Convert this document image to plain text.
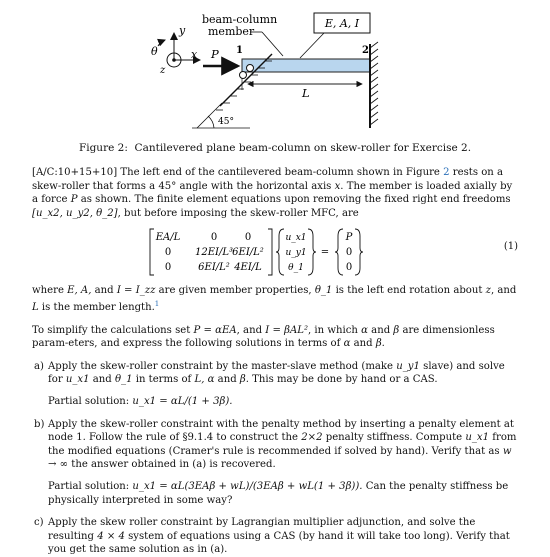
y
x
θ
z
beam-column
member
E, A, I
P 1	2
L
45°
Figure 2: Cantilevered plane beam-column on skew-roller for Exercise 2.

[A/C:10+15+10] The left end of the cantilevered beam-column shown in Figure 2 rests on a skew-roller that forms a 45° angle with the horizontal axis x. The member is loaded axially by a force P as shown. The finite element equations upon removing the fixed right end freedoms [u_x2, u_y2, θ_2], but before imposing the skew-roller MFC, are

EA/L	0	0
0 12EI/L³ 6EI/L²
0	6EI/L² 4EI/L
u_x1
u_y1
θ_1
=
P
0
0
(1)

where E, A, and I = I_zz are given member properties, θ_1 is the left end rotation about z, and L is the member length.$^1$

To simplify the calculations set P = αEA, and I = βAL², in which α and β are dimensionless param-eters, and express the following solutions in terms of α and β.

a) Apply the skew-roller constraint by the master-slave method (make u_y1 slave) and solve for u_x1 and θ_1 in terms of L, α and β. This may be done by hand or a CAS.

Partial solution: u_x1 = αL/(1 + 3β).

b) Apply the skew-roller constraint with the penalty method by inserting a penalty element at node 1. Follow the rule of §9.1.4 to construct the 2×2 penalty stiffness. Compute u_x1 from the modified equations (Cramer's rule is recommended if solved by hand). Verify that as w → ∞ the answer obtained in (a) is recovered.

Partial solution: u_x1 = αL(3EAβ + wL)/(3EAβ + wL(1 + 3β)). Can the penalty stiffness be physically interpreted in some way?

c) Apply the skew roller constraint by Lagrangian multiplier adjunction, and solve the resulting 4 × 4 system of equations using a CAS (by hand it will take too long). Verify that you get the same solution as in (a).
